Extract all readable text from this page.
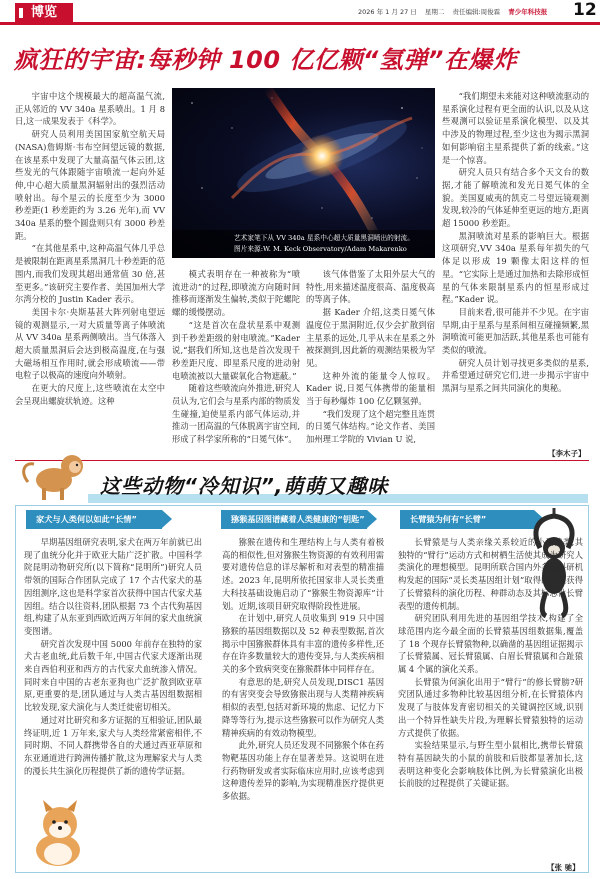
博览	2026 年 1 月 27 日 星期二 责任编辑:周俊霖 青少年科技报	12
疯狂的宇宙:每秒钟 100 亿亿颗“氢弹”在爆炸

宇宙中这个规模最大的超高温气流,正从邻近的 VV 340a 星系喷出。1 月 8 日,这一成果发表于《科学》。

研究人员利用美国国家航空航天局(NASA)詹姆斯·韦布空间望远镜的数据,在该星系中发现了大量高温气体云团,这些发光的气体跟随宇宙喷流一起向外延伸,中心超大质量黑洞辐射出的强烈活动喷射出。每个星云的长度至少为 3000 秒差距(1 秒差距约为 3.26 光年),而 VV 340a 星系的整个圆盘则只有 3000 秒差距。

“在其他星系中,这种高温气体几乎总是被限制在距离星系黑洞几十秒差距的范围内,而我们发现其超出通常值 30 倍,甚至更多。”该研究主要作者、美国加州大学尔湾分校的 Justin Kader 表示。

美国卡尔·央斯基甚大阵列射电望远镜的观测显示,一对大质量等离子体喷流从 VV 340a 星系两侧喷出。当气体落入超大质量黑洞后会达到极高温度,在与强大磁场相互作用时,就会形成喷流——带电粒子以极高的速度向外喷射。

在更大的尺度上,这些喷流在太空中会呈现出螺旋状轨迹。这种

艺术家笔下从 VV 340a 星系中心超大质量黑洞喷出的射流。图片来源:W. M. Keck Observatory/Adam Makarenko

模式表明存在一种被称为“喷流进动”的过程,即喷流方向随时间推移而逐渐发生偏转,类似于陀螺陀螺的缓慢摆动。

“这是首次在盘状星系中观测到千秒差距级的射电喷流。”Kader 说,“据我们所知,这也是首次发现千秒差距尺度、即星系尺度的进动射电喷流被以大量碳氧化合物遮蔽。”

随着这些喷流向外推进,研究人员认为,它们会与星系内部的物质发生碰撞,迫使星系内部气体运动,并推动一团高温的气体脱离宇宙空间,形成了科学家所称的“日冕气体”。

该气体借鉴了太阳外层大气的特性,用来描述温度很高、温度极高的等离子体。

据 Kader 介绍,这类日冕气体温度位于黑洞附近,仅少会扩散到宿主星系的远处,几乎从未在星系之外被探测到,因此新的观测结果极为罕见。

这种外流的能量令人惊叹。Kader 说,日冕气体携带的能量相当于每秒爆炸 100 亿亿颗氢弹。

“我们发现了这个超完整且连贯的日冕气体结构。”论文作者、美国加州理工学院的 Vivian U 说,

“我们期望未来能对这种喷流驱动的星系演化过程有更全面的认识,以及从这些观测可以验证星系演化模型、以及其中涉及的物理过程,至少这也为揭示黑洞如何影响宿主星系提供了新的线索。”这是一个惊喜。

研究人员只有结合多个天文台的数据,才能了解喷流和发光日冕气体的全貌。美国夏威夷的凯克二号望远镜观测发现,较冷的气体延伸至更远的地方,距离超 15000 秒差距。

黑洞喷流对星系的影响巨大。根据这项研究,VV 340a 星系每年损失的气体足以形成 19 颗像太阳这样的恒星。“它实际上是通过加热和去除形成恒星的气体来限制星系内的恒星形成过程。”Kader 说。

目前来看,很可能并不少见。在宇宙早期,由于星系与星系间相互碰撞频繁,黑洞喷流可能更加活跃,其他星系也可能有类似的喷流。

研究人员计划寻找更多类似的星系,并希望通过研究它们,进一步揭示宇宙中黑洞与星系之间共同演化的奥秘。

【李木子】
这些动物“冷知识”,萌萌又趣味
家犬与人类何以如此“长情”	猕猴基因图谱藏着人类健康的“钥匙”	长臂猿为何有“长臂”

早期基因组研究表明,家犬在两万年前就已出现了血统分化并于欧亚大陆广泛扩散。中国科学院昆明动物研究所(以下简称“昆明所”)研究人员带领的国际合作团队完成了 17 个古代家犬的基因组测序,这也是科学家首次获得中国古代家犬基因组。结合以往资料,团队根据 73 个古代狗基因组,构建了从东亚到西欧近两万年间的家犬血统演变图谱。

研究首次发现中国 5000 年前存在独特的家犬古老血统,此后数千年,中国古代家犬逐渐出现来自西伯利亚和西方的古代家犬血统渗入情况。同时来自中国的古老东亚狗也广泛扩散到欧亚草原,更重要的是,团队通过与人类古基因组数据相比较发现,家犬演化与人类迁徙密切相关。

通过对比研究和多方证据的互相验证,团队最终证明,近 1 万年来,家犬与人类经常紧密相伴,不同时期、不同人群携带各自的犬通过西亚草原和东亚通道进行跨洲传播扩散,这为理解家犬与人类的漫长共生演化历程提供了新的遗传学证据。

猕猴在遗传和生理结构上与人类有着极高的相似性,但对猕猴生物资源的有效利用需要对遗传信息的详尽解析和对表型的精准描述。2023 年,昆明所依托国家非人灵长类重大科技基础设施启动了“猕猴生物资源库”计划。近期,该项目研究取得阶段性进展。

在计划中,研究人员收集到 919 只中国猕猴的基因组数据以及 52 种表型数据,首次揭示中国猕猴群体具有丰富的遗传多样性,还存在许多数量较大的遗传变异,与人类疾病相关的多个致病突变在猕猴群体中同样存在。

有意思的是,研究人员发现,DISC1 基因的有害突变会导致猕猴出现与人类精神疾病相似的表型,包括对新环境的焦虑、记忆力下降等等行为,提示这些猕猴可以作为研究人类精神疾病的有效动物模型。

此外,研究人员还发现不同猕猴个体在药物靶基因功能上存在显著差异。这说明在进行药物研发或者实际临床应用时,应该考虑到这种遗传差异的影响,为实现精准医疗提供更多依据。

长臂猿是与人类亲缘关系较近的小型猿类,其独特的“臂行”运动方式和树栖生活使其成为研究人类演化的理想模型。昆明所联合国内外多家科研机构发起的国际“灵长类基因组计划”取得的成果获得了长臂猿科的演化历程、种群动态及其标志性长臂表型的遗传机制。

研究团队利用先进的基因组学技术,构建了全球范围内迄今最全面的长臂猿基因组数据集,覆盖了 18 个现存长臂猿物种,以确凿的基因组证据揭示了长臂猿属、冠长臂猿属、白眉长臂猿属和合趾猿属 4 个属的演化关系。

长臂猿为何演化出用于“臂行”的修长臂膀?研究团队通过多物种比较基因组分析,在长臂猿体内发现了与肢体发育密切相关的关键调控区域,识别出一个特异性缺失片段,为理解长臂猿独特的运动方式提供了依据。

实验结果显示,与野生型小鼠相比,携带长臂猿特有基因缺失的小鼠的前肢和后肢都显著加长,这表明这种变化会影响肢体比例,为长臂猿演化出极长前肢的过程提供了关键证据。

【张 驰】
